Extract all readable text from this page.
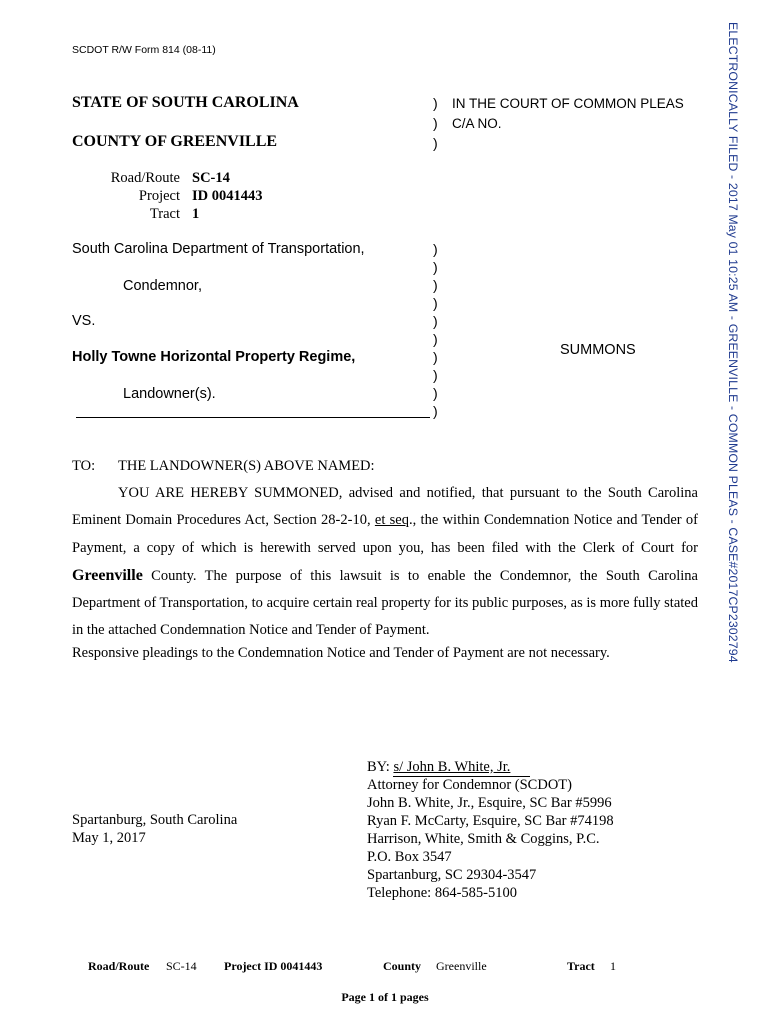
SCDOT R/W Form 814 (08-11)
STATE OF SOUTH CAROLINA
COUNTY OF GREENVILLE
)
)
)
IN THE COURT OF COMMON PLEAS
C/A NO.
Road/Route SC-14
Project ID 0041443
Tract 1
South Carolina Department of Transportation,
Condemnor,
VS.
Holly Towne Horizontal Property Regime,
Landowner(s).
)
)
)
)
)
)
)
)
)
)
SUMMONS	ELECTRONICALLY FILED - 2017 May 01 10:25 AM - GREENVILLE - COMMON PLEAS - CASE#2017CP2302794
TO: THE LANDOWNER(S) ABOVE NAMED:
YOU ARE HEREBY SUMMONED, advised and notified, that pursuant to the South Carolina Eminent Domain Procedures Act, Section 28-2-10, et seq., the within Condemnation Notice and Tender of Payment, a copy of which is herewith served upon you, has been filed with the Clerk of Court for Greenville County. The purpose of this lawsuit is to enable the Condemnor, the South Carolina Department of Transportation, to acquire certain real property for its public purposes, as is more fully stated in the attached Condemnation Notice and Tender of Payment.
Responsive pleadings to the Condemnation Notice and Tender of Payment are not necessary.
BY: s/ John B. White, Jr.
Attorney for Condemnor (SCDOT)
John B. White, Jr., Esquire, SC Bar #5996
Ryan F. McCarty, Esquire, SC Bar #74198
Harrison, White, Smith & Coggins, P.C.
P.O. Box 3547
Spartanburg, SC 29304-3547
Telephone: 864-585-5100
Spartanburg, South Carolina
May 1, 2017
Road/Route SC-14 Project ID 0041443	County Greenville	Tract 1
Page 1 of 1 pages
